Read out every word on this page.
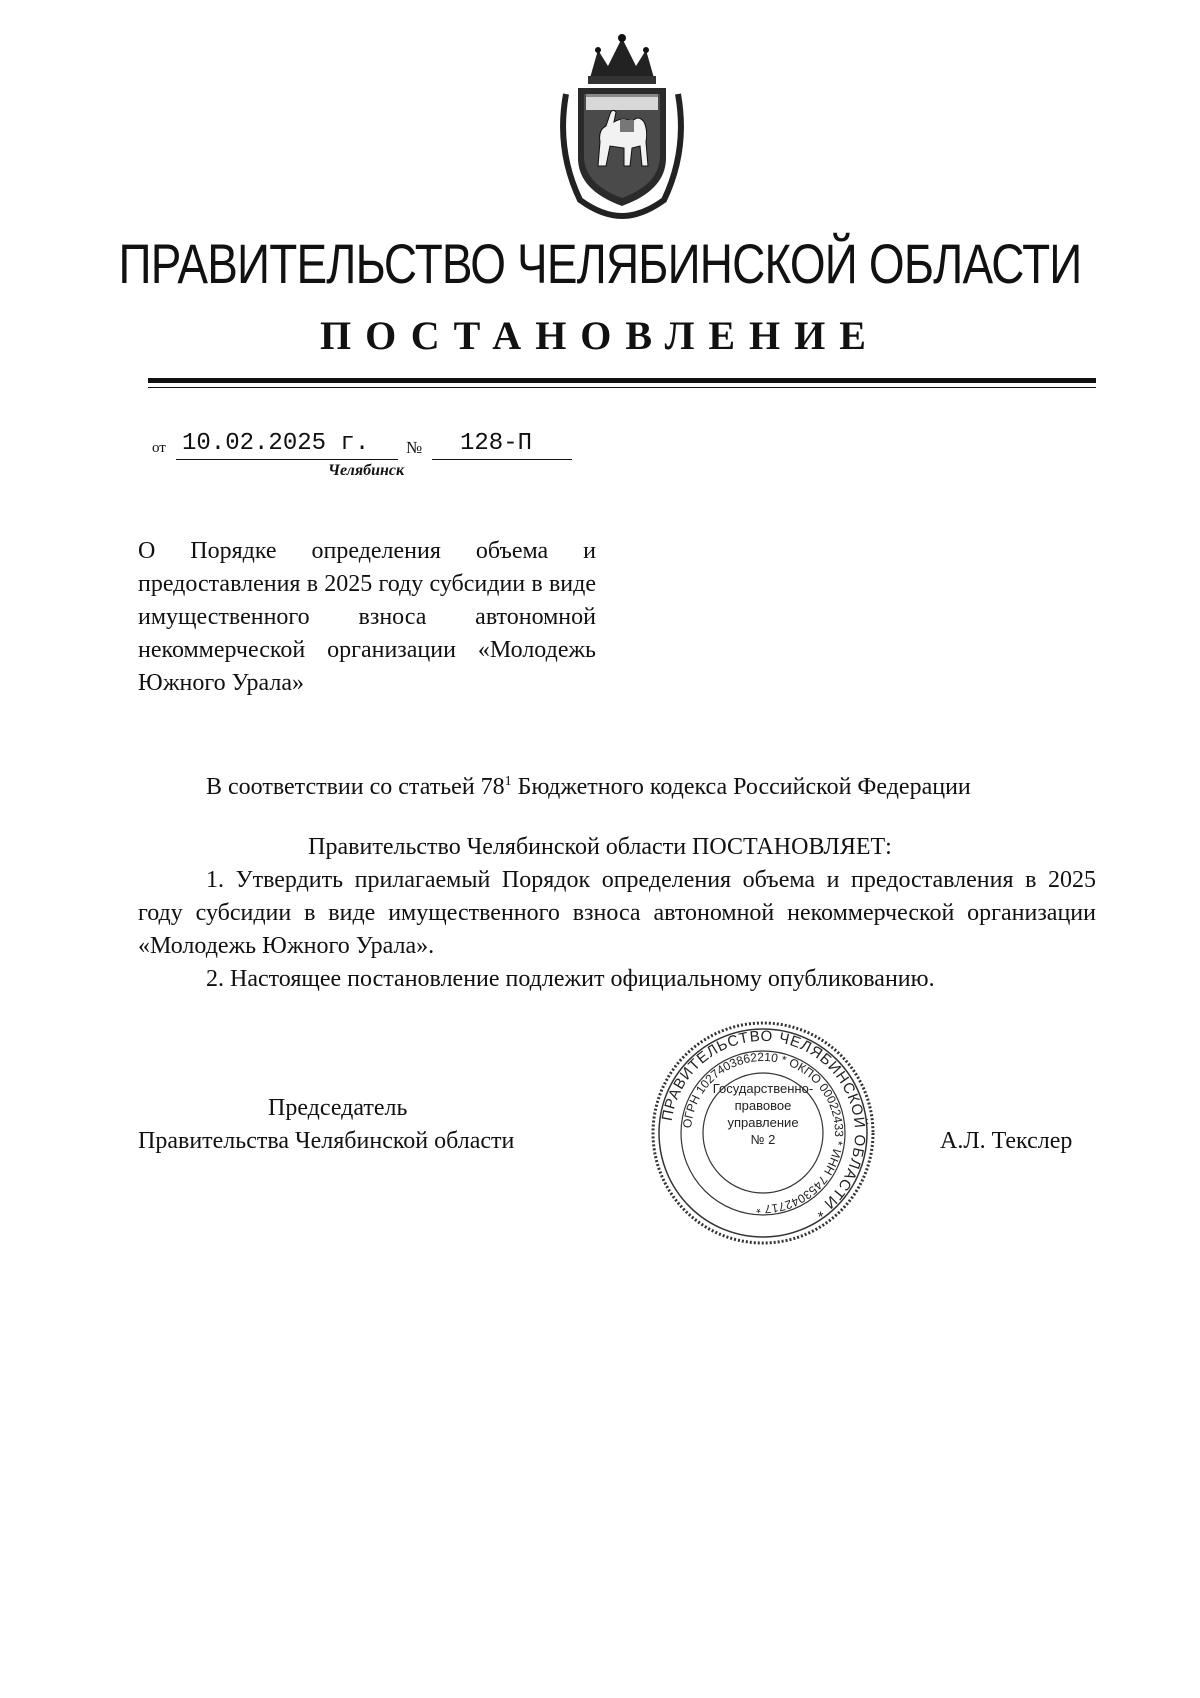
ПРАВИТЕЛЬСТВО ЧЕЛЯБИНСКОЙ ОБЛАСТИ
ПОСТАНОВЛЕНИЕ
от 10.02.2025 г. № 128-П
Челябинск
О Порядке определения объема и предоставления в 2025 году субсидии в виде имущественного взноса автономной некоммерческой организации «Молодежь Южного Урала»
В соответствии со статьей $78^1$ Бюджетного кодекса Российской Федерации
Правительство Челябинской области ПОСТАНОВЛЯЕТ:
1. Утвердить прилагаемый Порядок определения объема и предоставления в 2025 году субсидии в виде имущественного взноса автономной некоммерческой организации «Молодежь Южного Урала».
2. Настоящее постановление подлежит официальному опубликованию.
Председатель
Правительства Челябинской области	А.Л. Текслер
ПРАВИТЕЛЬСТВО ЧЕЛЯБИНСКОЙ ОБЛАСТИ *
ОГРН 1027403862210 * ОКПО 00022433 * ИНН 7453042717 *
Государственно-
правовое
управление
№ 2
